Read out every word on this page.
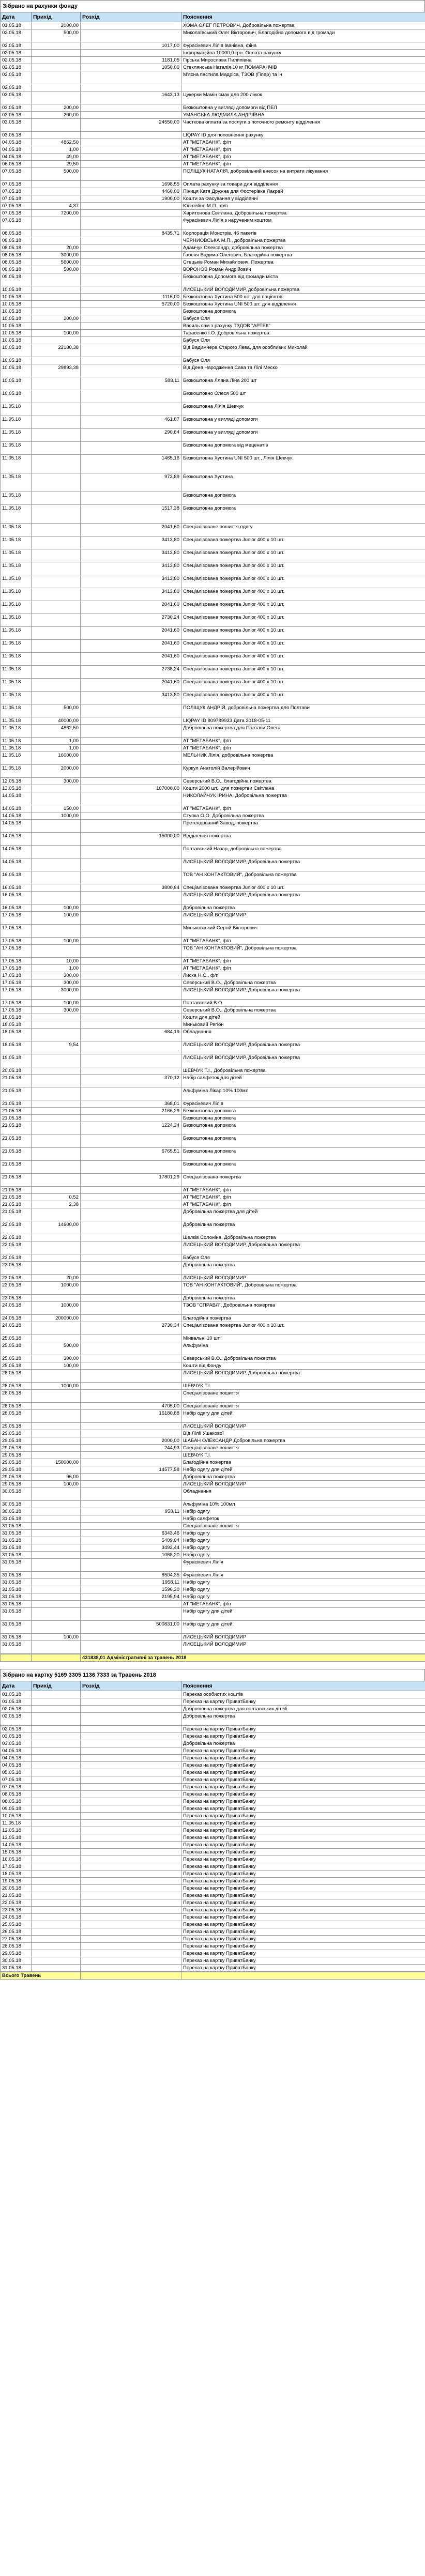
Зібрано на рахунки фонду
Дата	Прихід	Розхід	Пояснення
01.05.18	2000,00		ХОМА ОЛЕГ ПЕТРОВИЧ, Добровільна пожертва
02.05.18	500,00		Миколаївський Олег Вікторович, Благодійна допомога від громади
02.05.18		1017,00	Фурасікевич Лілія Іванівна, фіна
02.05.18			Інформаційна 10000,0 грн. Оплата рахунку
02.05.18		1181,05	Гірська Мирослава Пилипівна
02.05.18		1050,00	Стеклянська Наталія 10 кг ПОМАРАНЧІВ
02.05.18			М'ясна пастила Мадріса, ТЗОВ (Гіпер) та ін
02.05.18			
03.05.18		1643,13	Цукерки Мамін смак для 200 ліжок
03.05.18	200,00		Безкоштовна у вигляді допомоги від ПЕЛ
03.05.18	200,00		УМАНСЬКА ЛЮДМИЛА АНДРІЇВНА
03.05.18		24550,00	Часткова оплата за послуги з поточного ремонту відділення
03.05.18			LIQPAY ID для поповнення рахунку
04.05.18	4862,50		АТ "МЕТАБАНК", ф/п
04.05.18	1,00		АТ "МЕТАБАНК", ф/п
04.05.18	49,00		АТ "МЕТАБАНК", ф/п
06.05.18	29,50		АТ "МЕТАБАНК", ф/п
07.05.18	500,00		ПОЛІЩУК НАТАЛІЯ, добровільний внесок на витрати лікування
07.05.18		1698,55	Оплата рахунку за товари для відділення
07.05.18		4460,00	Піниця Катя Дружна для Фостерівка Лакрей
07.05.18		1900,00	Кошти за Фасування у відділенні
07.05.18	4,37		Ювілейне М.П., ф/п
07.05.18	7200,00		Харитонова Світлана, Добровільна пожертва
07.05.18			Фурасікевич Лілія з нарученим коштом
08.05.18		8435,71	Корпорація Монстрів. 46 пакетів
08.05.18			ЧЕРНИОВСЬКА М.П., добровільна пожертва
08.05.18	20,00		Адамчук Олександр, добровільна пожертва
08.05.18	3000,00		Ґабеня Вадима Олегович, Благодійна пожертва
08.05.18	5600,00		Стецьків Роман Михайлович, Пожертва
08.05.18	500,00		ВОРОНОВ Роман Андрійович
09.05.18			Безкоштовна Допомога від громади міста
10.05.18			ЛИСЕЦЬКИЙ ВОЛОДИМИР, добровільна пожертва
10.05.18		1116,00	Безкоштовна Хустина 500 шт. для пацієнтів
10.05.18		5720,00	Безкоштовна Хустина UNI 500 шт. для відділення
10.05.18			Безкоштовна допомога
10.05.18	200,00		Бабуся Оля
10.05.18			Василь сам з рахунку ТЗДОВ "АРТЕК"
10.05.18	100,00		Тарасенко І.О. Добровільна пожертва
10.05.18			Бабуся Оля
10.05.18	22180,38		Від Вадимчера Старого Лева, для особливих Миколай
10.05.18			Бабуся Оля
10.05.18	29893,38		Від Деня Народження Сава та Лілі Меско
10.05.18		588,11	Безкоштовна Лляна Ліна 200 шт
10.05.18			Безкоштовно Олеся 500 шт
11.05.18			Безкоштовна Лілія Шевчук
11.05.18		461,87	Безкоштовна у вигляді допомоги
11.05.18		290,84	Безкоштовна у вигляді допомоги
11.05.18			Безкоштовна допомога від меценатів
11.05.18		1465,16	Безкоштовна Хустина UNI 500 шт., Лілія Шевчук
11.05.18		973,89	Безкоштовна Хустина
11.05.18			Безкоштовна допомога
11.05.18		1517,38	Безкоштовна допомога
11.05.18		2041,60	Спеціалізоване пошиття одягу
11.05.18		3413,80	Спеціалізована пожертва Junior 400 х 10 шт.
11.05.18		3413,80	Спеціалізована пожертва Junior 400 х 10 шт.
11.05.18		3413,80	Спеціалізована пожертва Junior 400 х 10 шт.
11.05.18		3413,80	Спеціалізована пожертва Junior 400 х 10 шт.
11.05.18		3413,80	Спеціалізована пожертва Junior 400 х 10 шт.
11.05.18		2041,60	Спеціалізована пожертва Junior 400 х 10 шт.
11.05.18		2730,24	Спеціалізована пожертва Junior 400 х 10 шт.
11.05.18		2041,60	Спеціалізована пожертва Junior 400 х 10 шт.
11.05.18		2041,60	Спеціалізована пожертва Junior 400 х 10 шт.
11.05.18		2041,60	Спеціалізована пожертва Junior 400 х 10 шт.
11.05.18		2738,24	Спеціалізована пожертва Junior 400 х 10 шт.
11.05.18		2041,60	Спеціалізована пожертва Junior 400 х 10 шт.
11.05.18		3413,80	Спеціалізована пожертва Junior 400 х 10 шт.
11.05.18	500,00		ПОЛІЩУК АНДРІЙ, добровільна пожертва для Полтави
11.05.18	40000,00		LIQPAY ID 809789933 Дата 2018-05-11
11.05.18	4862,50		Добровільна пожертва для Полтави Олега
11.05.18	1,00		АТ "МЕТАБАНК", ф/п
11.05.18	1,00		АТ "МЕТАБАНК", ф/п
11.05.18	16000,00		МЕЛЬНИК Лілія, добровільна пожертва
11.05.18	2000,00		Куркул Анатолій Валерійович
12.05.18	300,00		Северський В.О., благодійна пожертва
13.05.18		107000,00	Кошти 2000 шт., для пожертви Світлана
14.05.18			НИКОЛАЙЧУК ІРИНА, Добровільна пожертва
14.05.18	150,00		АТ "МЕТАБАНК", ф/п
14.05.18	1000,00		Ступка О.О. Добровільна пожертва
14.05.18			Претендований Завод, пожертва
14.05.18		15000,00	Відділення пожертва
14.05.18			Полтавський Назар, добровільна пожертва
14.05.18			ЛИСЕЦЬКИЙ ВОЛОДИМИР, Добровільна пожертва
16.05.18			ТОВ "АН КОНТАКТОВИЙ", Добровільна пожертва
16.05.18		3800,84	Спеціалізована пожертва Junior 400 х 10 шт.
16.05.18			ЛИСЕЦЬКИЙ ВОЛОДИМИР, Добровільна пожертва
16.05.18	100,00		Добровільна пожертва
17.05.18	100,00		ЛИСЕЦЬКИЙ ВОЛОДИМИР
17.05.18			Миньковський Сергій Вікторович
17.05.18	100,00		АТ "МЕТАБАНК", ф/п
17.05.18			ТОВ "АН КОНТАКТОВИЙ", Добровільна пожертва
17.05.18	10,00		АТ "МЕТАБАНК", ф/п
17.05.18	1,00		АТ "МЕТАБАНК", ф/п
17.05.18	300,00		Лиска Н.С., ф/п
17.05.18	300,00		Северський В.О., Добровільна пожертва
17.05.18	3000,00		ЛИСЕЦЬКИЙ ВОЛОДИМИР, Добровільна пожертва
17.05.18	100,00		Полтавський В.О.
17.05.18	300,00		Северський В.О., Добровільна пожертва
18.05.18			Кошти для дітей
18.05.18			Миньковий Регіон
18.05.18		684,19	Обладнання
18.05.18	9,54		ЛИСЕЦЬКИЙ ВОЛОДИМИР, Добровільна пожертва
19.05.18			ЛИСЕЦЬКИЙ ВОЛОДИМИР, Добровільна пожертва
20.05.18			ШЕВЧУК Т.І., Добровільна пожертва
21.05.18		370,12	Набір салфеток для дітей
21.05.18			Альфуміна Лікар 10% 100мл
21.05.18		368,01	Фурасікевич Лілія
21.05.18		2166,29	Безкоштовна допомога
21.05.18			Безкоштовна допомога
21.05.18		1224,34	Безкоштовна допомога
21.05.18			Безкоштовна допомога
21.05.18		6765,51	Безкоштовна допомога
21.05.18			Безкоштовна допомога
21.05.18		17801,29	Спеціалізована пожертва
21.05.18			АТ "МЕТАБАНК", ф/п
21.05.18	0,52		АТ "МЕТАБАНК", ф/п
21.05.18	2,38		АТ "МЕТАБАНК", ф/п
21.05.18			Добровільна пожертва для дітей
22.05.18	14600,00		Добровільна пожертва
22.05.18			Шелків Солоніна, Добровільна пожертва
22.05.18			ЛИСЕЦЬКИЙ ВОЛОДИМИР, Добровільна пожертва
23.05.18			Бабуся Оля
23.05.18			Добровільна пожертва
23.05.18	20,00		ЛИСЕЦЬКИЙ ВОЛОДИМИР
23.05.18	1000,00		ТОВ "АН КОНТАКТОВИЙ", Добровільна пожертва
23.05.18			Добровільна пожертва
24.05.18	1000,00		ТЗОВ "СПРАВЛ", Добровільна пожертва
24.05.18	200000,00		Благодійна пожертва
24.05.18		2730,34	Спеціалізована пожертва Junior 400 х 10 шт.
25.05.18			Мінвальні 10 шт.
25.05.18	500,00		Альфуміна
25.05.18	300,00		Северський В.О., Добровільна пожертва
25.05.18	100,00		Кошти від Фонду
28.05.18			ЛИСЕЦЬКИЙ ВОЛОДИМИР, Добровільна пожертва
28.05.18	1000,00		ШЕВЧУК Т.І.
28.05.18			Спеціалізоване пошиття
28.05.18		4705,00	Спеціалізоване пошиття
28.05.18		16180,88	Набір одягу для дітей
29.05.18			ЛИСЕЦЬКИЙ ВОЛОДИМИР
29.05.18			Від Лілії Ушакової
29.05.18		2000,00	ШАБАН ОЛЕКСАНДР Добровільна пожертва
29.05.18		244,93	Спеціалізоване пошиття
29.05.18			ШЕВЧУК Т.І.
29.05.18	150000,00		Благодійна пожертва
29.05.18		14577,58	Набір одягу для дітей
29.05.18	96,00		Добровільна пожертва
29.05.18	100,00		ЛИСЕЦЬКИЙ ВОЛОДИМИР
30.05.18			Обладнання
30.05.18			Альфуміна 10% 100мл
30.05.18		958,11	Набір одягу
31.05.18			Набір салфеток
31.05.18			Спеціалізоване пошиття
31.05.18		6343,46	Набір одягу
31.05.18		5409,04	Набір одягу
31.05.18		3492,44	Набір одягу
31.05.18		1068,20	Набір одягу
31.05.18			Фурасікевич Лілія
31.05.18		8504,35	Фурасікевич Лілія
31.05.18		1958,11	Набір одягу
31.05.18		1596,30	Набір одягу
31.05.18		2195,94	Набір одягу
31.05.18			АТ "МЕТАБАНК", ф/п
31.05.18			Набір одягу для дітей
31.05.18		500831,00	Набір одягу для дітей
31.05.18	100,00		ЛИСЕЦЬКИЙ ВОЛОДИМИР
31.05.18			ЛИСЕЦЬКИЙ ВОЛОДИМИР
		431838,01 Адміністративні за травень 2018
Зібрано на картку 5169 3305 1136 7333 за Травень 2018
Дата	Прихід	Розхід	Пояснення
01.05.18			Переказ особистих коштів
01.05.18			Переказ на картку ПриватБанку
02.05.18			Добровільна пожертва для полтавських дітей
02.05.18			Добровільна пожертва
02.05.18			Переказ на картку ПриватБанку
03.05.18			Переказ на картку ПриватБанку
03.05.18			Добровільна пожертва
04.05.18			Переказ на картку ПриватБанку
04.05.18			Переказ на картку ПриватБанку
04.05.18			Переказ на картку ПриватБанку
05.05.18			Переказ на картку ПриватБанку
07.05.18			Переказ на картку ПриватБанку
07.05.18			Переказ на картку ПриватБанку
08.05.18			Переказ на картку ПриватБанку
08.05.18			Переказ на картку ПриватБанку
09.05.18			Переказ на картку ПриватБанку
10.05.18			Переказ на картку ПриватБанку
11.05.18			Переказ на картку ПриватБанку
12.05.18			Переказ на картку ПриватБанку
13.05.18			Переказ на картку ПриватБанку
14.05.18			Переказ на картку ПриватБанку
15.05.18			Переказ на картку ПриватБанку
16.05.18			Переказ на картку ПриватБанку
17.05.18			Переказ на картку ПриватБанку
18.05.18			Переказ на картку ПриватБанку
19.05.18			Переказ на картку ПриватБанку
20.05.18			Переказ на картку ПриватБанку
21.05.18			Переказ на картку ПриватБанку
22.05.18			Переказ на картку ПриватБанку
23.05.18			Переказ на картку ПриватБанку
24.05.18			Переказ на картку ПриватБанку
25.05.18			Переказ на картку ПриватБанку
26.05.18			Переказ на картку ПриватБанку
27.05.18			Переказ на картку ПриватБанку
28.05.18			Переказ на картку ПриватБанку
29.05.18			Переказ на картку ПриватБанку
30.05.18			Переказ на картку ПриватБанку
31.05.18			Переказ на картку ПриватБанку
Всього Травень		
